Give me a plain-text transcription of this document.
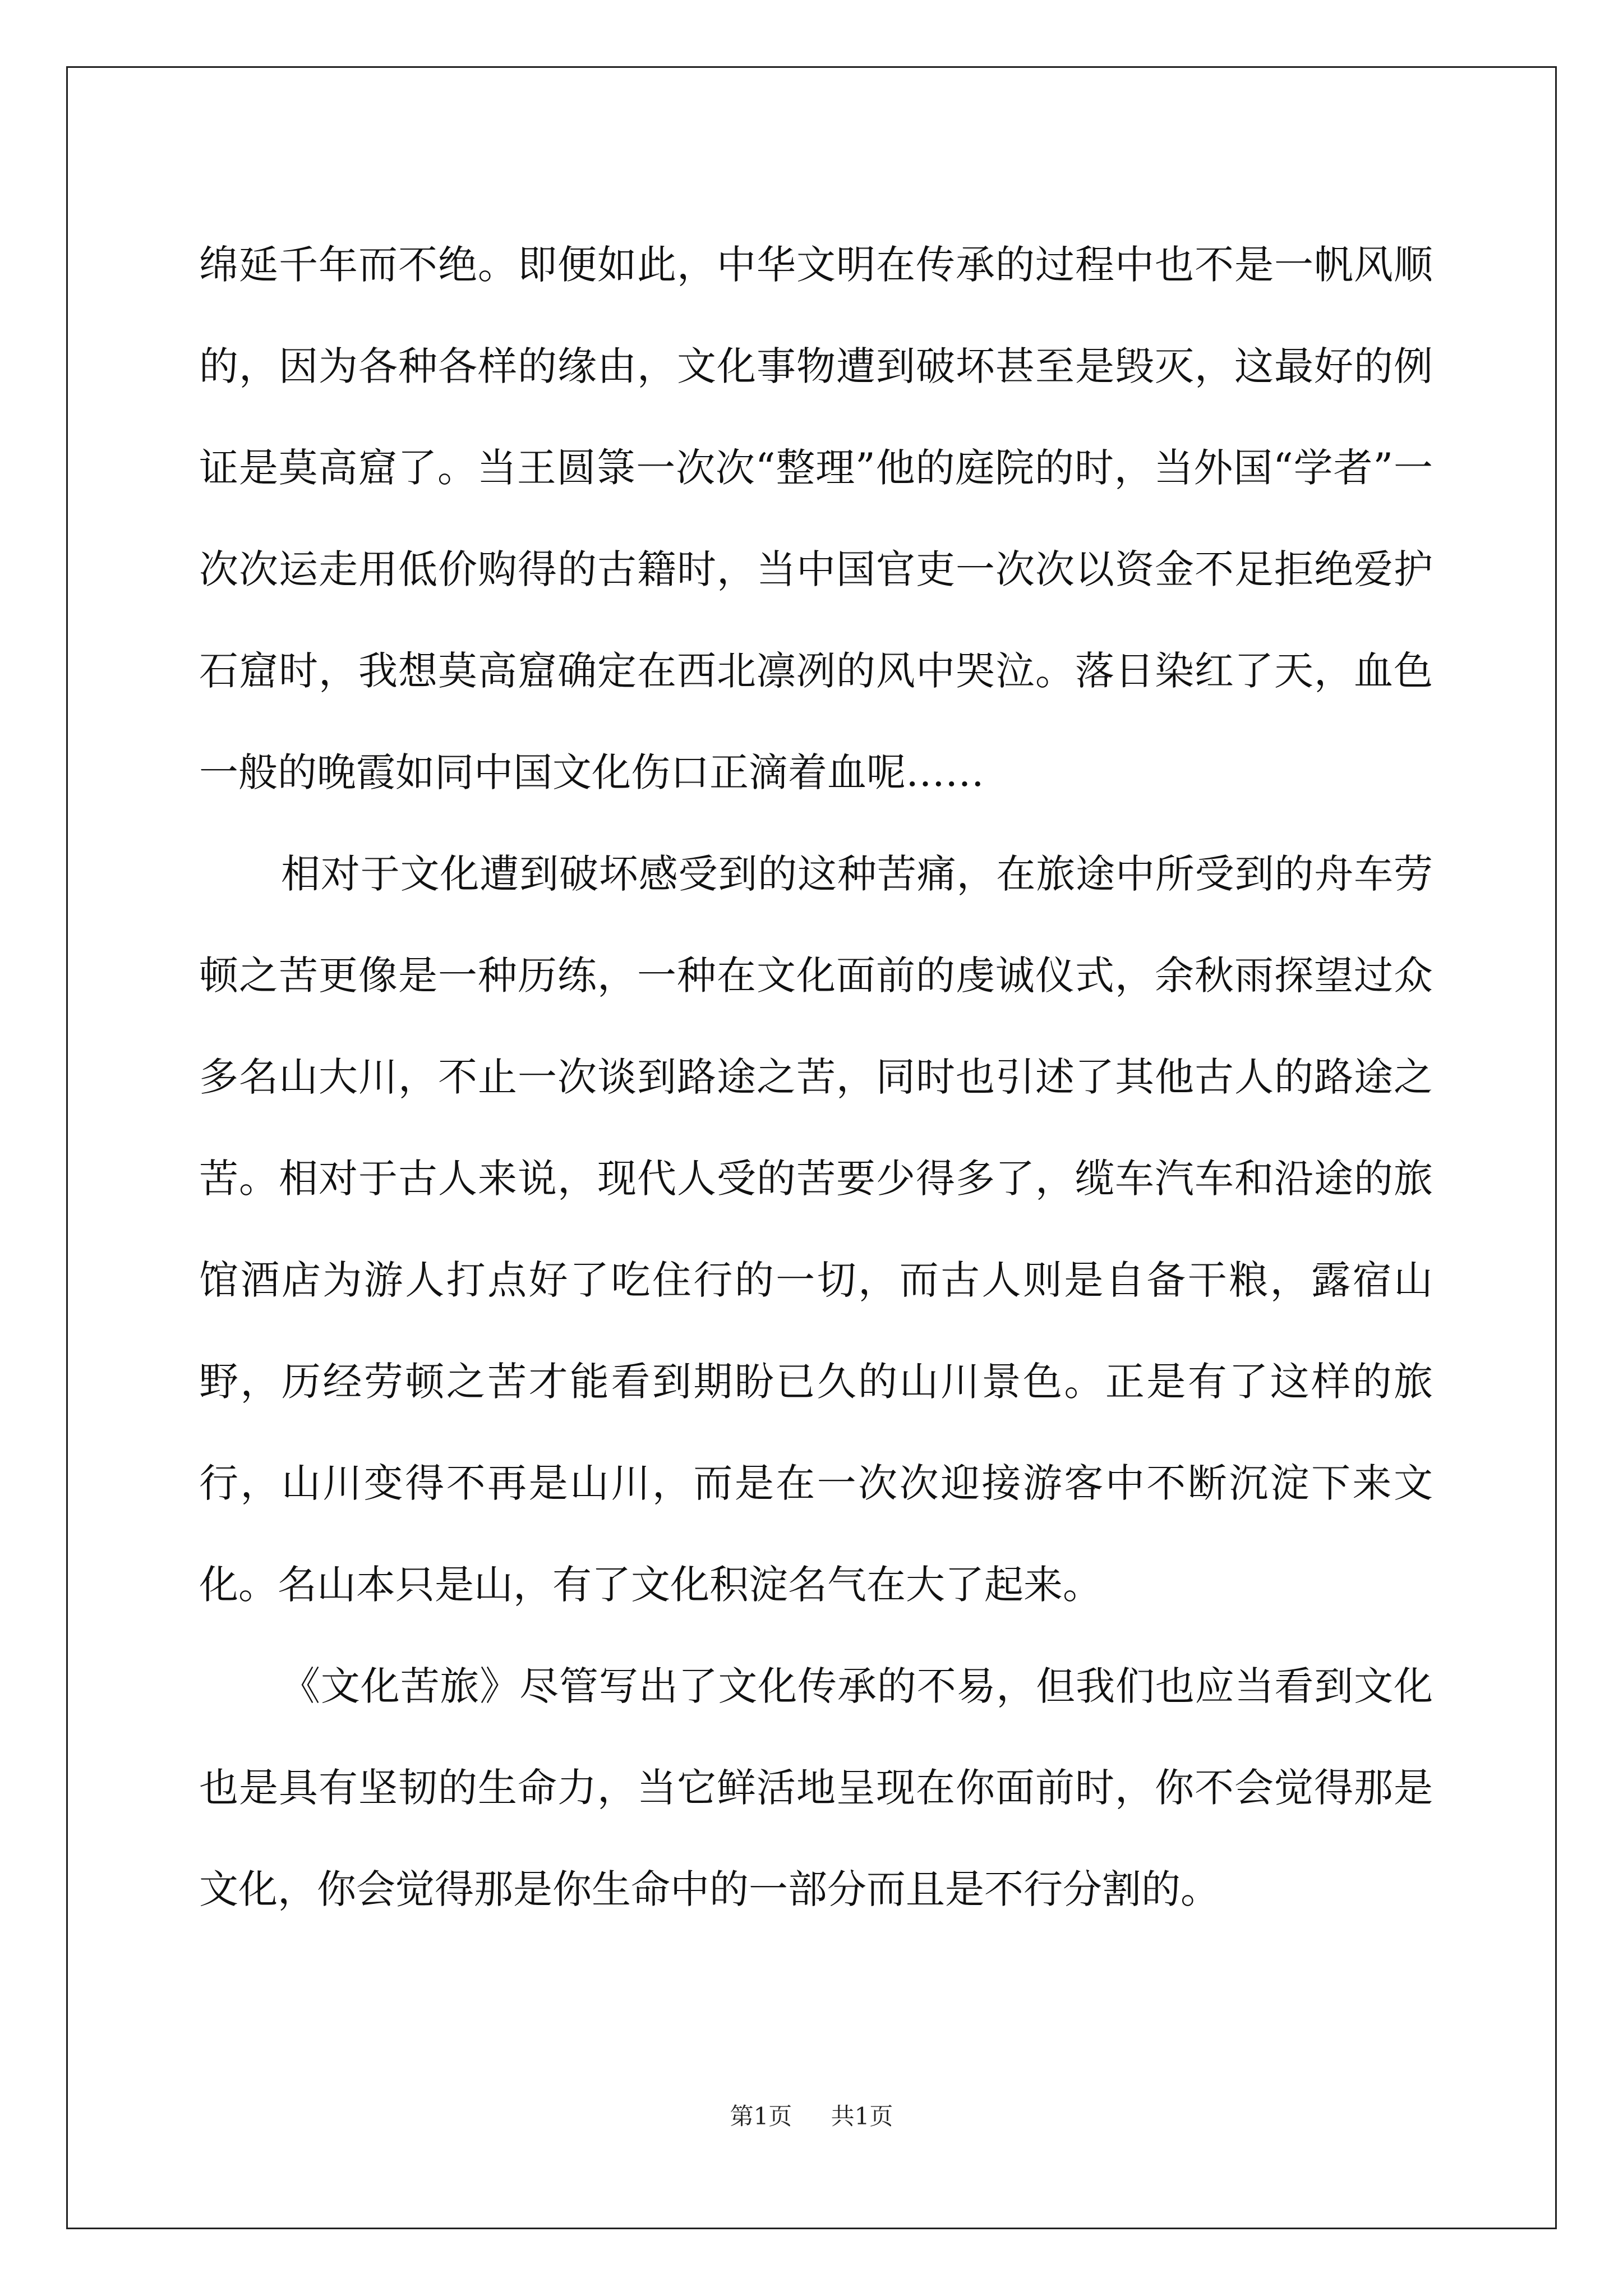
绵延千年而不绝。即便如此，中华文明在传承的过程中也不是一帆风顺的，因为各种各样的缘由，文化事物遭到破坏甚至是毁灭，这最好的例证是莫高窟了。当王圆箓一次次“整理”他的庭院的时，当外国“学者”一次次运走用低价购得的古籍时，当中国官吏一次次以资金不足拒绝爱护石窟时，我想莫高窟确定在西北凛冽的风中哭泣。落日染红了天，血色一般的晚霞如同中国文化伤口正滴着血呢……

相对于文化遭到破坏感受到的这种苦痛，在旅途中所受到的舟车劳顿之苦更像是一种历练，一种在文化面前的虔诚仪式，余秋雨探望过众多名山大川，不止一次谈到路途之苦，同时也引述了其他古人的路途之苦。相对于古人来说，现代人受的苦要少得多了，缆车汽车和沿途的旅馆酒店为游人打点好了吃住行的一切，而古人则是自备干粮，露宿山野，历经劳顿之苦才能看到期盼已久的山川景色。正是有了这样的旅行，山川变得不再是山川，而是在一次次迎接游客中不断沉淀下来文化。名山本只是山，有了文化积淀名气在大了起来。

《文化苦旅》尽管写出了文化传承的不易，但我们也应当看到文化也是具有坚韧的生命力，当它鲜活地呈现在你面前时，你不会觉得那是文化，你会觉得那是你生命中的一部分而且是不行分割的。

第1页 共1页
